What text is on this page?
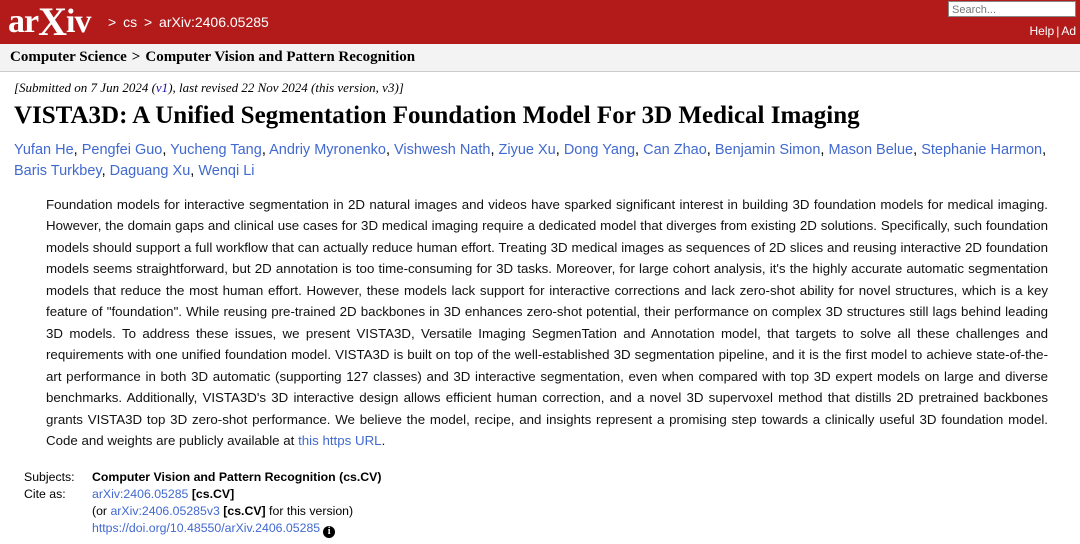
arXiv > cs > arXiv:2406.05285
Search...
Help | Ad
Computer Science > Computer Vision and Pattern Recognition
[Submitted on 7 Jun 2024 (v1), last revised 22 Nov 2024 (this version, v3)]
VISTA3D: A Unified Segmentation Foundation Model For 3D Medical Imaging
Yufan He, Pengfei Guo, Yucheng Tang, Andriy Myronenko, Vishwesh Nath, Ziyue Xu, Dong Yang, Can Zhao, Benjamin Simon, Mason Belue, Stephanie Harmon, Baris Turkbey, Daguang Xu, Wenqi Li
Foundation models for interactive segmentation in 2D natural images and videos have sparked significant interest in building 3D foundation models for medical imaging. However, the domain gaps and clinical use cases for 3D medical imaging require a dedicated model that diverges from existing 2D solutions. Specifically, such foundation models should support a full workflow that can actually reduce human effort. Treating 3D medical images as sequences of 2D slices and reusing interactive 2D foundation models seems straightforward, but 2D annotation is too time-consuming for 3D tasks. Moreover, for large cohort analysis, it's the highly accurate automatic segmentation models that reduce the most human effort. However, these models lack support for interactive corrections and lack zero-shot ability for novel structures, which is a key feature of "foundation". While reusing pre-trained 2D backbones in 3D enhances zero-shot potential, their performance on complex 3D structures still lags behind leading 3D models. To address these issues, we present VISTA3D, Versatile Imaging SegmenTation and Annotation model, that targets to solve all these challenges and requirements with one unified foundation model. VISTA3D is built on top of the well-established 3D segmentation pipeline, and it is the first model to achieve state-of-the-art performance in both 3D automatic (supporting 127 classes) and 3D interactive segmentation, even when compared with top 3D expert models on large and diverse benchmarks. Additionally, VISTA3D's 3D interactive design allows efficient human correction, and a novel 3D supervoxel method that distills 2D pretrained backbones grants VISTA3D top 3D zero-shot performance. We believe the model, recipe, and insights represent a promising step towards a clinically useful 3D foundation model. Code and weights are publicly available at this https URL.
Subjects:	Computer Vision and Pattern Recognition (cs.CV)
Cite as:	arXiv:2406.05285 [cs.CV]
(or arXiv:2406.05285v3 [cs.CV] for this version)
https://doi.org/10.48550/arXiv.2406.05285 i
